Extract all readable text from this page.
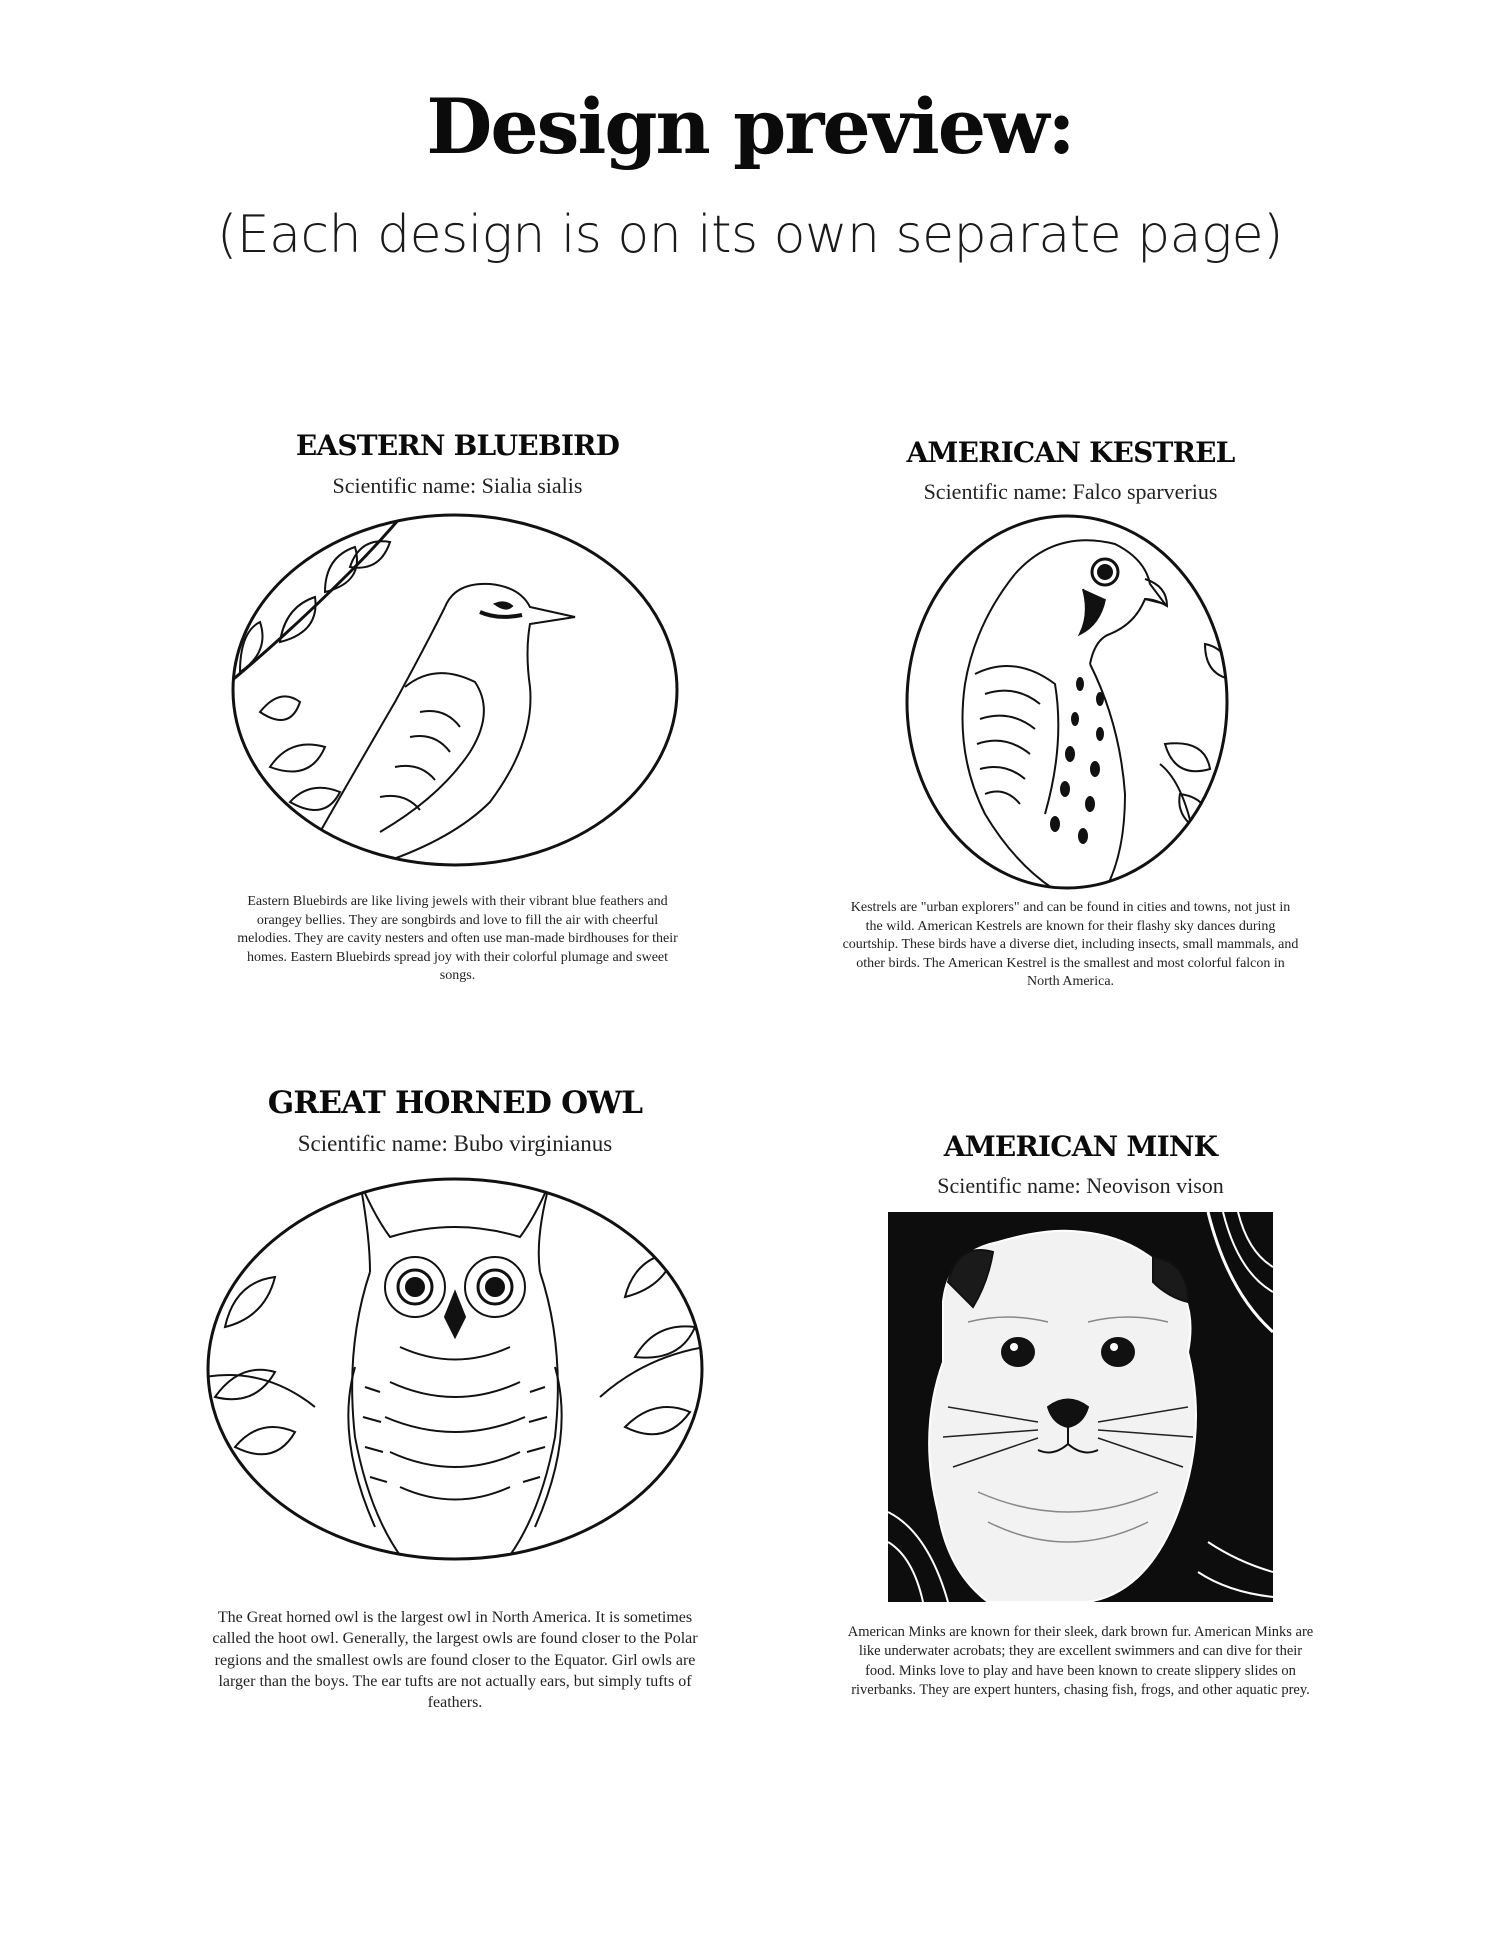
Design preview:
(Each design is on its own separate page)
EASTERN BLUEBIRD
Scientific name: Sialia sialis
Eastern Bluebirds are like living jewels with their vibrant blue feathers and orangey bellies. They are songbirds and love to fill the air with cheerful melodies. They are cavity nesters and often use man-made birdhouses for their homes. Eastern Bluebirds spread joy with their colorful plumage and sweet songs.
AMERICAN KESTREL
Scientific name: Falco sparverius
Kestrels are "urban explorers" and can be found in cities and towns, not just in the wild. American Kestrels are known for their flashy sky dances during courtship. These birds have a diverse diet, including insects, small mammals, and other birds. The American Kestrel is the smallest and most colorful falcon in North America.
GREAT HORNED OWL
Scientific name: Bubo virginianus
The Great horned owl is the largest owl in North America. It is sometimes called the hoot owl. Generally, the largest owls are found closer to the Polar regions and the smallest owls are found closer to the Equator. Girl owls are larger than the boys. The ear tufts are not actually ears, but simply tufts of feathers.
AMERICAN MINK
Scientific name: Neovison vison
American Minks are known for their sleek, dark brown fur. American Minks are like underwater acrobats; they are excellent swimmers and can dive for their food. Minks love to play and have been known to create slippery slides on riverbanks. They are expert hunters, chasing fish, frogs, and other aquatic prey.
